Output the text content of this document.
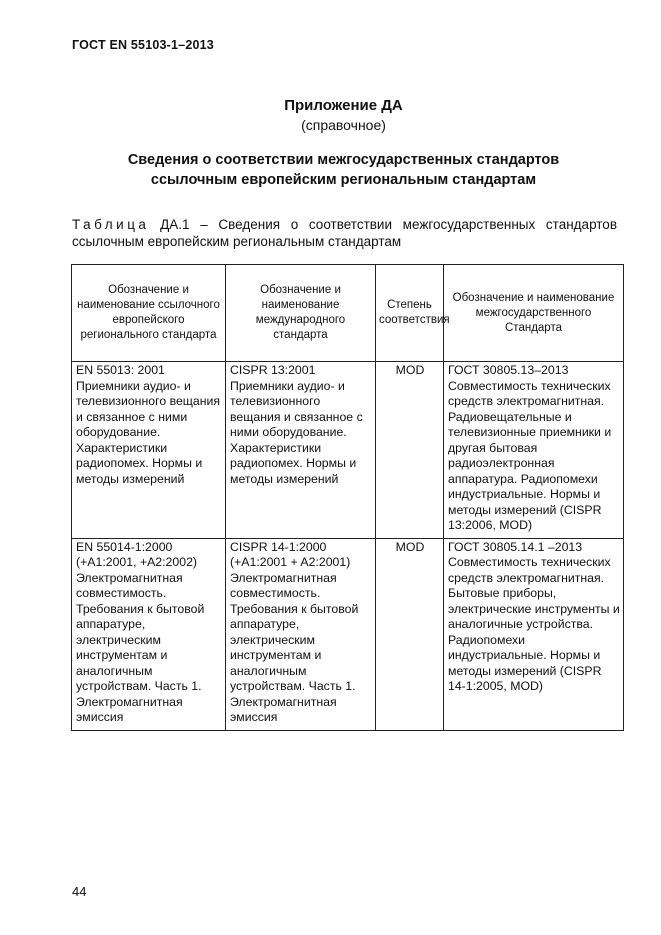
ГОСТ EN 55103-1–2013
Приложение ДА
(справочное)
Сведения о соответствии межгосударственных стандартов
ссылочным европейским региональным стандартам
Таблица ДА.1 – Сведения о соответствии межгосударственных стандартов ссылочным европейским региональным стандартам
Обозначение и наименование ссылочного европейского регионального стандарта	Обозначение и наименование международного стандарта	Степень соответствия	Обозначение и наименование межгосударственного Стандарта
EN 55013: 2001 Приемники аудио- и телевизионного вещания и связанное с ними оборудование. Характеристики радиопомех. Нормы и методы измерений	CISPR 13:2001 Приемники аудио- и телевизионного вещания и связанное с ними оборудование. Характеристики радиопомех. Нормы и методы измерений	MOD	ГОСТ 30805.13–2013 Совместимость технических средств электромагнитная. Радиовещательные и телевизионные приемники и другая бытовая радиоэлектронная аппаратура. Радиопомехи индустриальные. Нормы и методы измерений (CISPR 13:2006, MOD)
EN 55014-1:2000 (+A1:2001, +A2:2002) Электромагнитная совместимость. Требования к бытовой аппаратуре, электрическим инструментам и аналогичным устройствам. Часть 1. Электромагнитная эмиссия	CISPR 14-1:2000 (+A1:2001 + A2:2001) Электромагнитная совместимость. Требования к бытовой аппаратуре, электрическим инструментам и аналогичным устройствам. Часть 1. Электромагнитная эмиссия	MOD	ГОСТ 30805.14.1 –2013 Совместимость технических средств электромагнитная. Бытовые приборы, электрические инструменты и аналогичные устройства. Радиопомехи индустриальные. Нормы и методы измерений (CISPR 14-1:2005, MOD)
44
